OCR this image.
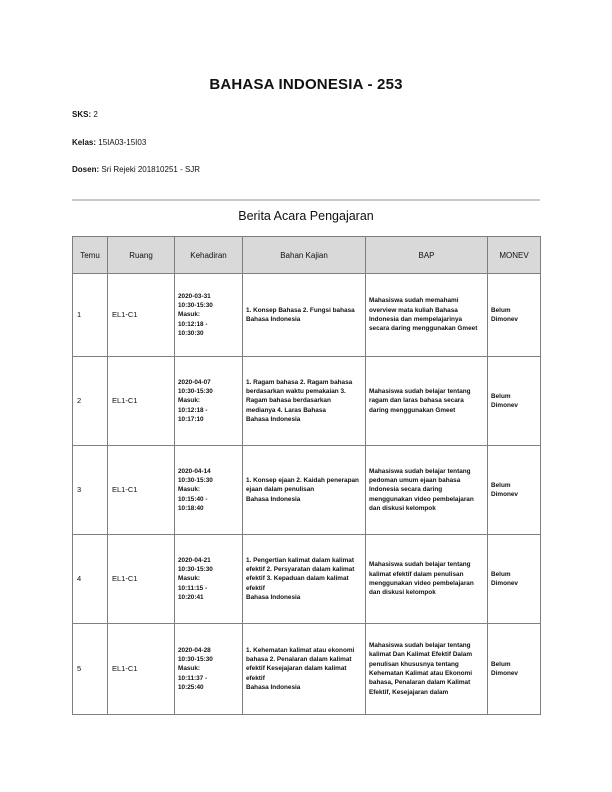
BAHASA INDONESIA - 253
SKS: 2
Kelas: 15IA03-15I03
Dosen: Sri Rejeki 201810251 - SJR
Berita Acara Pengajaran
Temu	Ruang	Kehadiran	Bahan Kajian	BAP	MONEV
1	EL1-C1	2020-03-31
10:30-15:30
Masuk:
10:12:18 -
10:30:30	1. Konsep Bahasa 2. Fungsi bahasa
Bahasa Indonesia	Mahasiswa sudah memahami overview mata kuliah Bahasa Indonesia dan mempelajarinya secara daring menggunakan Gmeet	Belum Dimonev
2	EL1-C1	2020-04-07
10:30-15:30
Masuk:
10:12:18 -
10:17:10	1. Ragam bahasa 2. Ragam bahasa berdasarkan waktu pemakaian 3. Ragam bahasa berdasarkan medianya 4. Laras Bahasa
Bahasa Indonesia	Mahasiswa sudah belajar tentang ragam dan laras bahasa secara daring menggunakan Gmeet	Belum Dimonev
3	EL1-C1	2020-04-14
10:30-15:30
Masuk:
10:15:40 -
10:18:40	1. Konsep ejaan 2. Kaidah penerapan ejaan dalam penulisan
Bahasa Indonesia	Mahasiswa sudah belajar tentang pedoman umum ejaan bahasa Indonesia secara daring menggunakan video pembelajaran dan diskusi kelompok	Belum Dimonev
4	EL1-C1	2020-04-21
10:30-15:30
Masuk:
10:11:15 -
10:20:41	1. Pengertian kalimat dalam kalimat efektif 2. Persyaratan dalam kalimat efektif 3. Kepaduan dalam kalimat efektif
Bahasa Indonesia	Mahasiswa sudah belajar tentang kalimat efektif dalam penulisan menggunakan video pembelajaran dan diskusi kelompok	Belum Dimonev
5	EL1-C1	2020-04-28
10:30-15:30
Masuk:
10:11:37 -
10:25:40	1. Kehematan kalimat atau ekonomi bahasa 2. Penalaran dalam kalimat efektif Kesejajaran dalam kalimat efektif
Bahasa Indonesia	Mahasiswa sudah belajar tentang kalimat Dan Kalimat Efektif Dalam penulisan khususnya tentang Kehematan Kalimat atau Ekonomi bahasa, Penalaran dalam Kalimat Efektif, Kesejajaran dalam	Belum Dimonev
